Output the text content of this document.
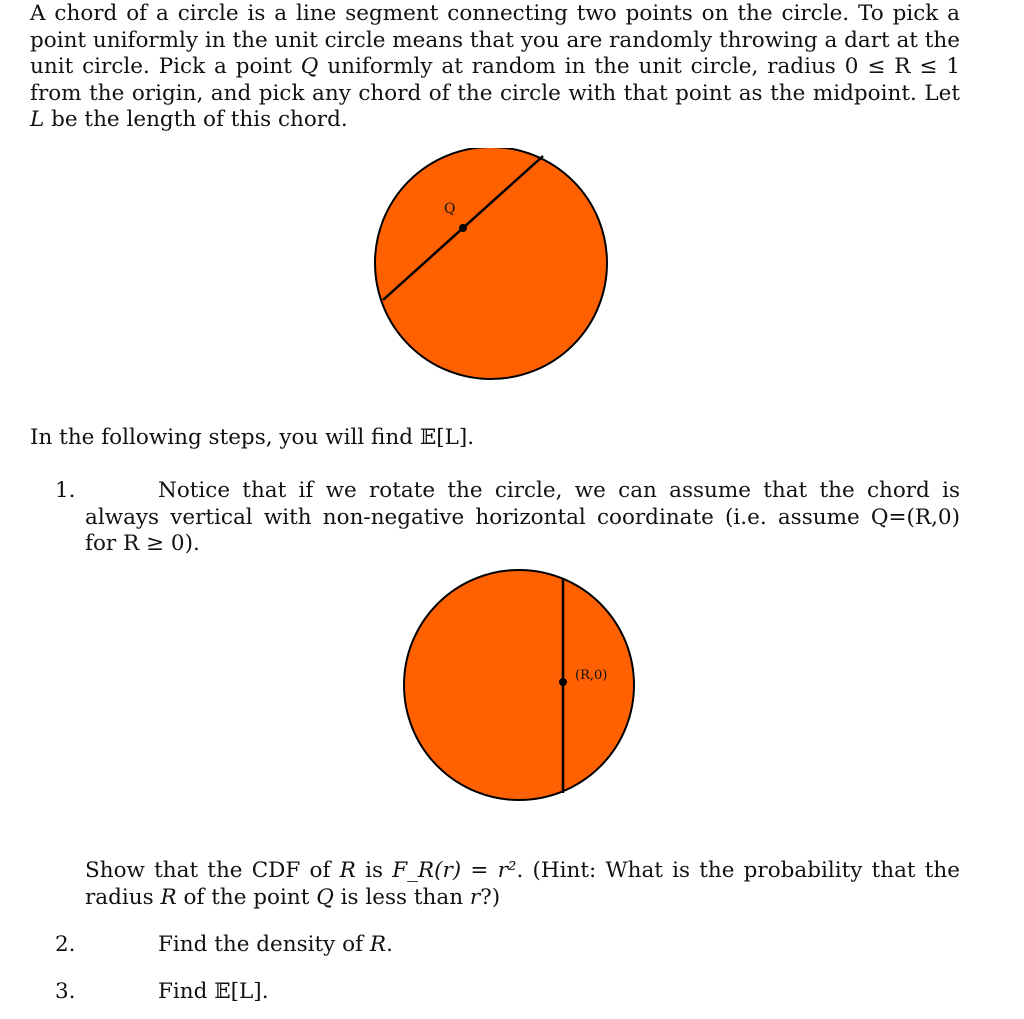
A chord of a circle is a line segment connecting two points on the circle. To pick a point uniformly in the unit circle means that you are randomly throwing a dart at the unit circle. Pick a point Q uniformly at random in the unit circle, radius 0 ≤ R ≤ 1 from the origin, and pick any chord of the circle with that point as the midpoint. Let L be the length of this chord.
Q
In the following steps, you will find 𝔼[L].
1.	Notice that if we rotate the circle, we can assume that the chord is always vertical with non-negative horizontal coordinate (i.e. assume Q=(R,0) for R ≥ 0).
(R,0)
Show that the CDF of R is F_R(r) = r². (Hint: What is the probability that the radius R of the point Q is less than r?)
2.	Find the density of R.
3.	Find 𝔼[L].
